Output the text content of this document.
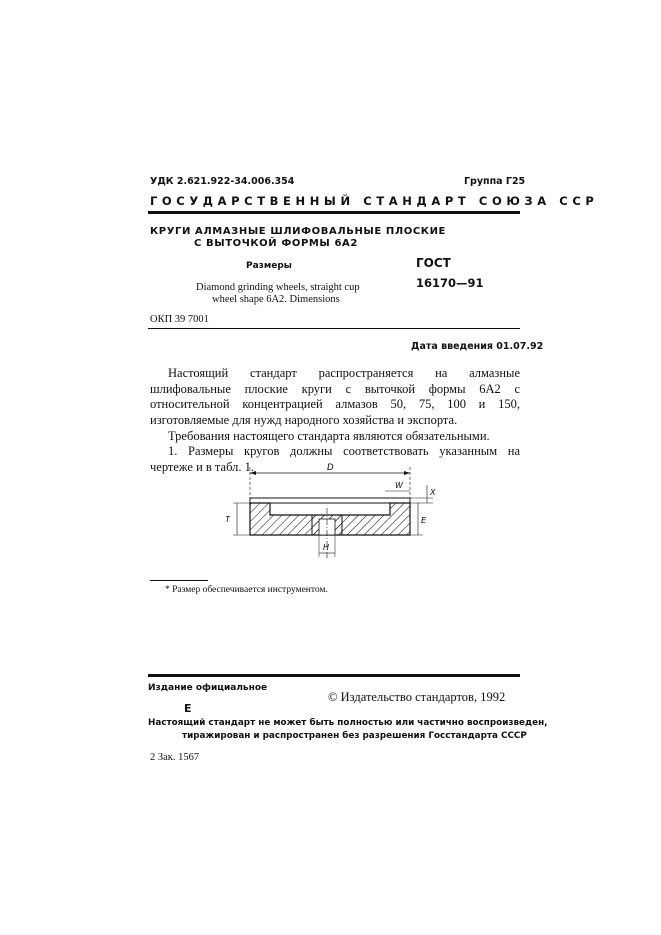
УДК 2.621.922-34.006.354	Группа Г25
ГОСУДАРСТВЕННЫЙ СТАНДАРТ СОЮЗА ССР
КРУГИ АЛМАЗНЫЕ ШЛИФОВАЛЬНЫЕ ПЛОСКИЕ
С ВЫТОЧКОЙ ФОРМЫ 6А2
Размеры
Diamond grinding wheels, straight cup
wheel shape 6A2. Dimensions
ГОСТ
16170—91
ОКП 39 7001
Дата введения 01.07.92
Настоящий стандарт распространяется на алмазные шлифовальные плоские круги с выточкой формы 6А2 с относительной концентрацией алмазов 50, 75, 100 и 150, изготовляемые для нужд народного хозяйства и экспорта.
Требования настоящего стандарта являются обязательными.
1. Размеры кругов должны соответствовать указанным на чертеже и в табл. 1.	D
W
X
T	E
H
* Размер обеспечивается инструментом.
Издание официальное
© Издательство стандартов, 1992
Е
Настоящий стандарт не может быть полностью или частично воспроизведен,
тиражирован и распространен без разрешения Госстандарта СССР
2 Зак. 1567
